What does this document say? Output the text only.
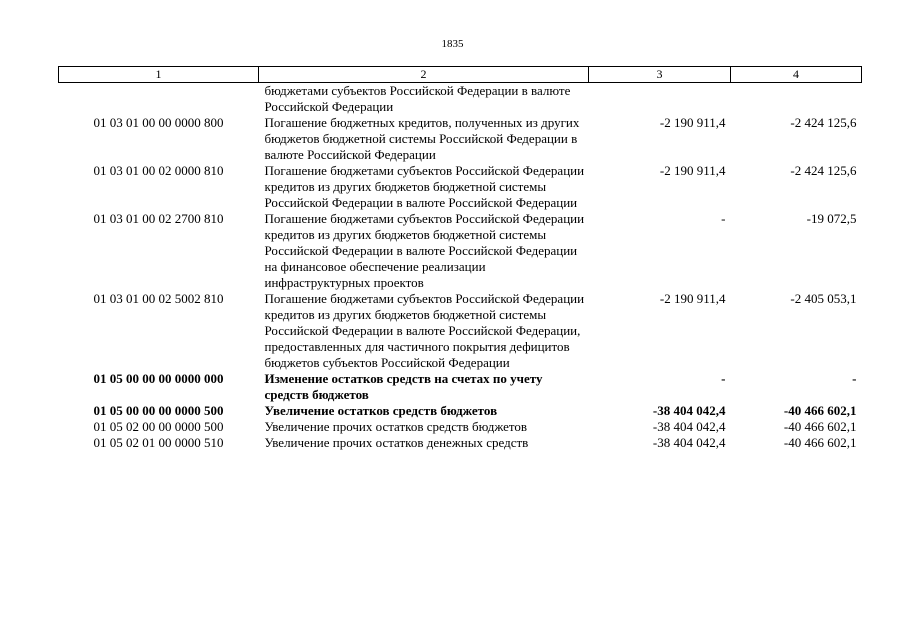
1835
1	2	3	4
	бюджетами субъектов Российской Федерации в валюте Российской Федерации		
01 03 01 00 00 0000 800	Погашение бюджетных кредитов, полученных из других бюджетов бюджетной системы Российской Федерации в валюте Российской Федерации	-2 190 911,4	-2 424 125,6
01 03 01 00 02 0000 810	Погашение бюджетами субъектов Российской Федерации кредитов из других бюджетов бюджетной системы Российской Федерации в валюте Российской Федерации	-2 190 911,4	-2 424 125,6
01 03 01 00 02 2700 810	Погашение бюджетами субъектов Российской Федерации кредитов из других бюджетов бюджетной системы Российской Федерации в валюте Российской Федерации на финансовое обеспечение реализации инфраструктурных проектов	-	-19 072,5
01 03 01 00 02 5002 810	Погашение бюджетами субъектов Российской Федерации кредитов из других бюджетов бюджетной системы Российской Федерации в валюте Российской Федерации, предоставленных для частичного покрытия дефицитов бюджетов субъектов Российской Федерации	-2 190 911,4	-2 405 053,1
01 05 00 00 00 0000 000	Изменение остатков средств на счетах по учету средств бюджетов	-	-
01 05 00 00 00 0000 500	Увеличение остатков средств бюджетов	-38 404 042,4	-40 466 602,1
01 05 02 00 00 0000 500	Увеличение прочих остатков средств бюджетов	-38 404 042,4	-40 466 602,1
01 05 02 01 00 0000 510	Увеличение прочих остатков денежных средств	-38 404 042,4	-40 466 602,1
